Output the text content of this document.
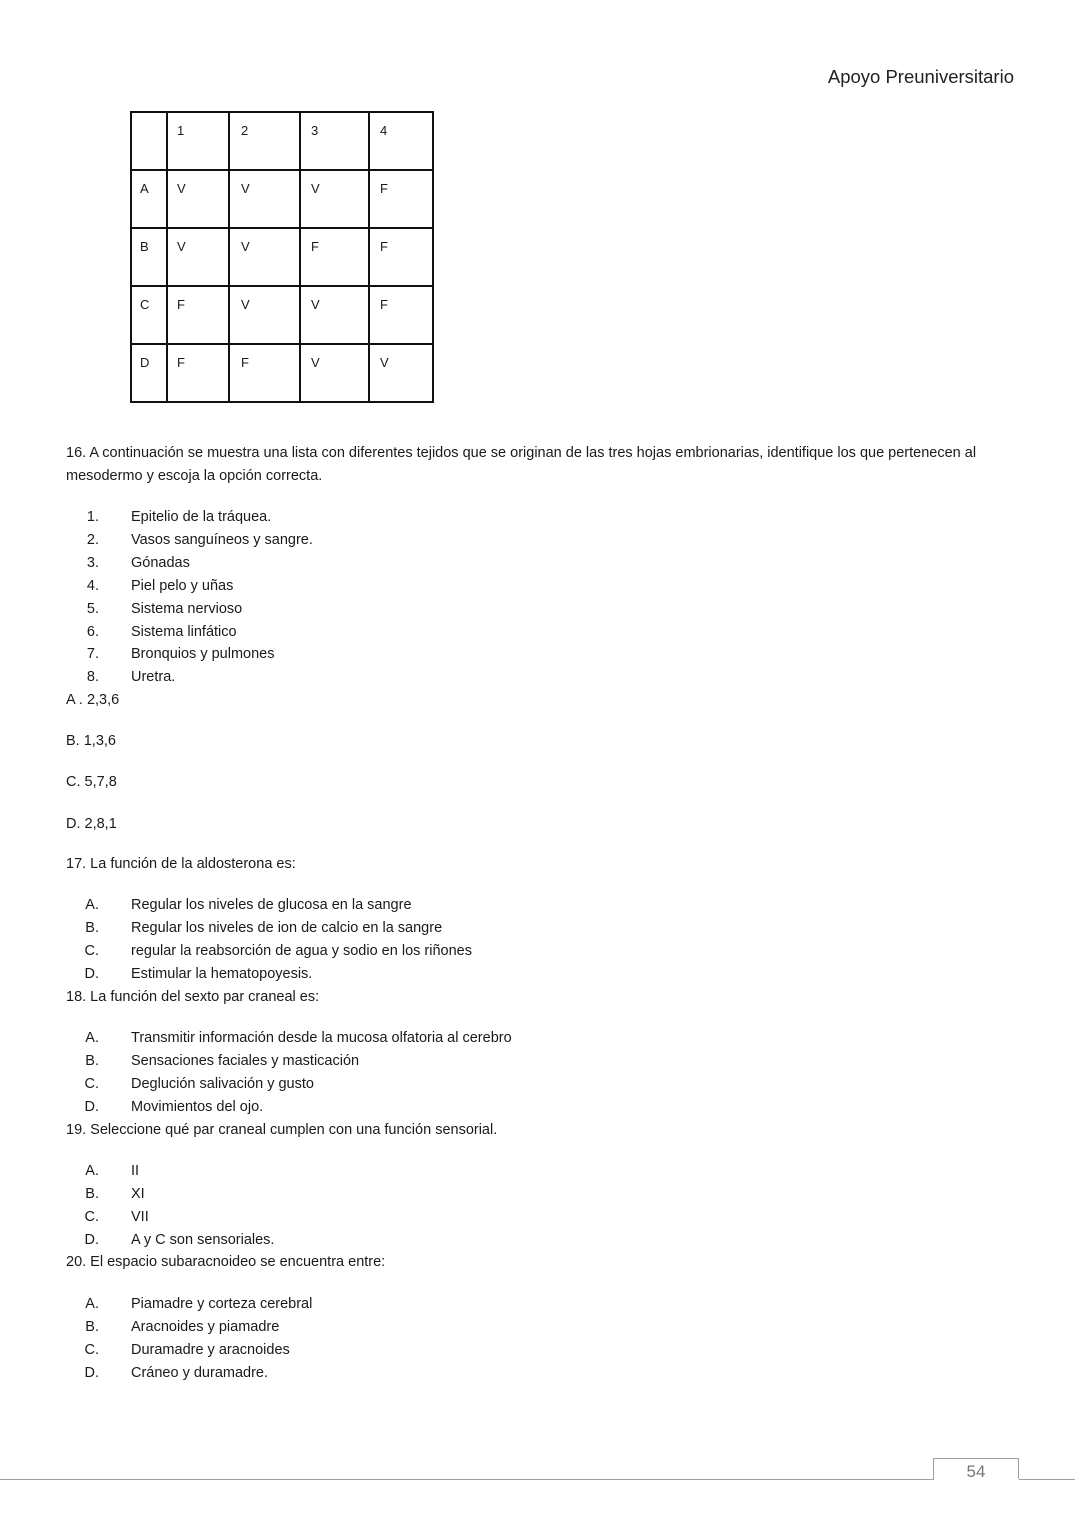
Apoyo Preuniversitario
	1	2	3	4
A	V	V	V	F
B	V	V	F	F
C	F	V	V	F
D	F	F	V	V
16. A continuación se muestra una lista con diferentes tejidos que se originan de las tres hojas embrionarias, identifique los que pertenecen al mesodermo y escoja la opción correcta.
1. Epitelio de la tráquea.
2. Vasos sanguíneos y sangre.
3. Gónadas
4. Piel pelo y uñas
5. Sistema nervioso
6. Sistema linfático
7. Bronquios y pulmones
8. Uretra.
A . 2,3,6
B. 1,3,6
C. 5,7,8
D. 2,8,1
17. La función de la aldosterona es:
A. Regular los niveles de glucosa en la sangre
B. Regular los niveles de ion de calcio en la sangre
C. regular la reabsorción de agua y sodio en los riñones
D. Estimular la hematopoyesis.
18. La función del sexto par craneal es:
A. Transmitir información desde la mucosa olfatoria al cerebro
B. Sensaciones faciales y masticación
C. Deglución salivación y gusto
D. Movimientos del ojo.
19. Seleccione qué par craneal cumplen con una función sensorial.
A. II
B. XI
C. VII
D. A y C son sensoriales.
20. El espacio subaracnoideo se encuentra entre:
A. Piamadre y corteza cerebral
B. Aracnoides y piamadre
C. Duramadre y aracnoides
D. Cráneo y duramadre.
54
